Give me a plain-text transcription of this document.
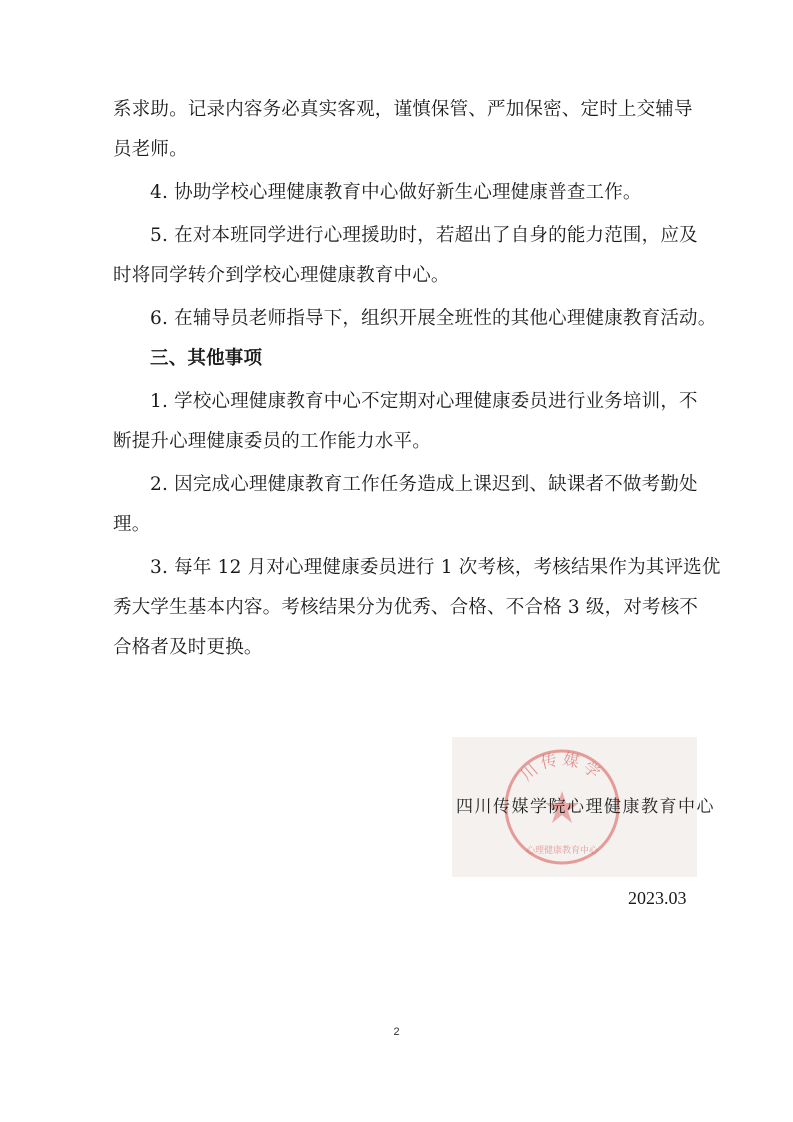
系求助。记录内容务必真实客观，谨慎保管、严加保密、定时上交辅导
员老师。
4. 协助学校心理健康教育中心做好新生心理健康普查工作。
5. 在对本班同学进行心理援助时，若超出了自身的能力范围，应及
时将同学转介到学校心理健康教育中心。
6. 在辅导员老师指导下，组织开展全班性的其他心理健康教育活动。
三、其他事项
1. 学校心理健康教育中心不定期对心理健康委员进行业务培训，不
断提升心理健康委员的工作能力水平。
2. 因完成心理健康教育工作任务造成上课迟到、缺课者不做考勤处
理。
3. 每年 12 月对心理健康委员进行 1 次考核，考核结果作为其评选优
秀大学生基本内容。考核结果分为优秀、合格、不合格 3 级，对考核不
合格者及时更换。
川传媒学
心理健康教育中心
四川传媒学院心理健康教育中心
2023.03
2
